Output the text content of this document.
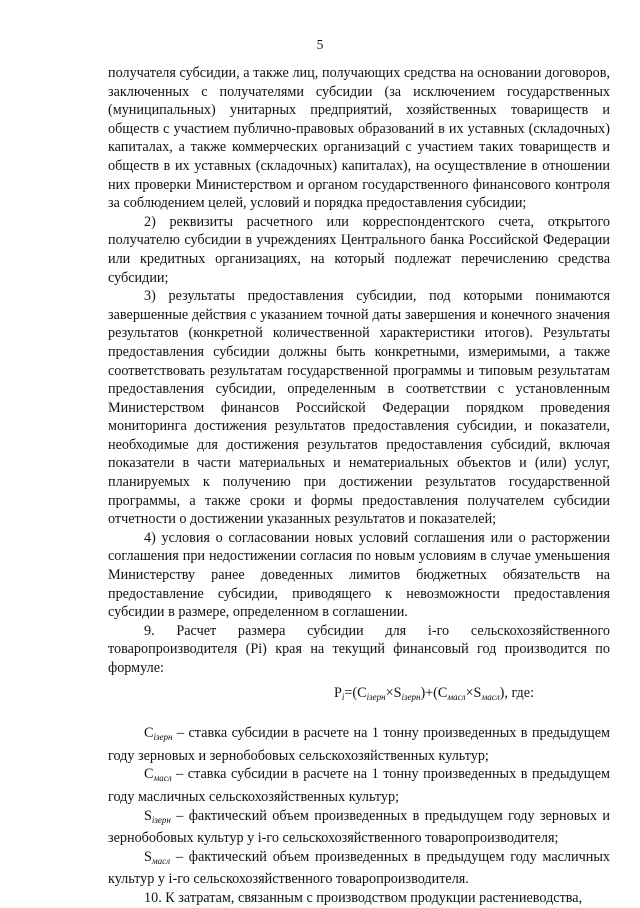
5

получателя субсидии, а также лиц, получающих средства на основании договоров, заключенных с получателями субсидии (за исключением государственных (муниципальных) унитарных предприятий, хозяйственных товариществ и обществ с участием публично-правовых образований в их уставных (складочных) капиталах, а также коммерческих организаций с участием таких товариществ и обществ в их уставных (складочных) капиталах), на осуществление в отношении них проверки Министерством и органом государственного финансового контроля за соблюдением целей, условий и порядка предоставления субсидии;

2) реквизиты расчетного или корреспондентского счета, открытого получателю субсидии в учреждениях Центрального банка Российской Федерации или кредитных организациях, на который подлежат перечислению средства субсидии;

3) результаты предоставления субсидии, под которыми понимаются завершенные действия с указанием точной даты завершения и конечного значения результатов (конкретной количественной характеристики итогов). Результаты предоставления субсидии должны быть конкретными, измеримыми, а также соответствовать результатам государственной программы и типовым результатам предоставления субсидии, определенным в соответствии с установленным Министерством финансов Российской Федерации порядком проведения мониторинга достижения результатов предоставления субсидии, и показатели, необходимые для достижения результатов предоставления субсидий, включая показатели в части материальных и нематериальных объектов и (или) услуг, планируемых к получению при достижении результатов государственной программы, а также сроки и формы предоставления получателем субсидии отчетности о достижении указанных результатов и показателей;

4) условия о согласовании новых условий соглашения или о расторжении соглашения при недостижении согласия по новым условиям в случае уменьшения Министерству ранее доведенных лимитов бюджетных обязательств на предоставление субсидии, приводящего к невозможности предоставления субсидии в размере, определенном в соглашении.

9. Расчет размера субсидии для i-го сельскохозяйственного товаропроизводителя (Pi) края на текущий финансовый год производится по формуле:

$P_i=(С_{iзерн}\times S_{iзерн})+(С_{масл}\times S_{масл})$, где:

$С_{iзерн}$ – ставка субсидии в расчете на 1 тонну произведенных в предыдущем году зерновых и зернобобовых сельскохозяйственных культур;

$С_{масл}$ – ставка субсидии в расчете на 1 тонну произведенных в предыдущем году масличных сельскохозяйственных культур;

$S_{iзерн}$ – фактический объем произведенных в предыдущем году зерновых и зернобобовых культур у i-го сельскохозяйственного товаропроизводителя;

$S_{масл}$ – фактический объем произведенных в предыдущем году масличных культур у i-го сельскохозяйственного товаропроизводителя.

10. К затратам, связанным с производством продукции растениеводства,
